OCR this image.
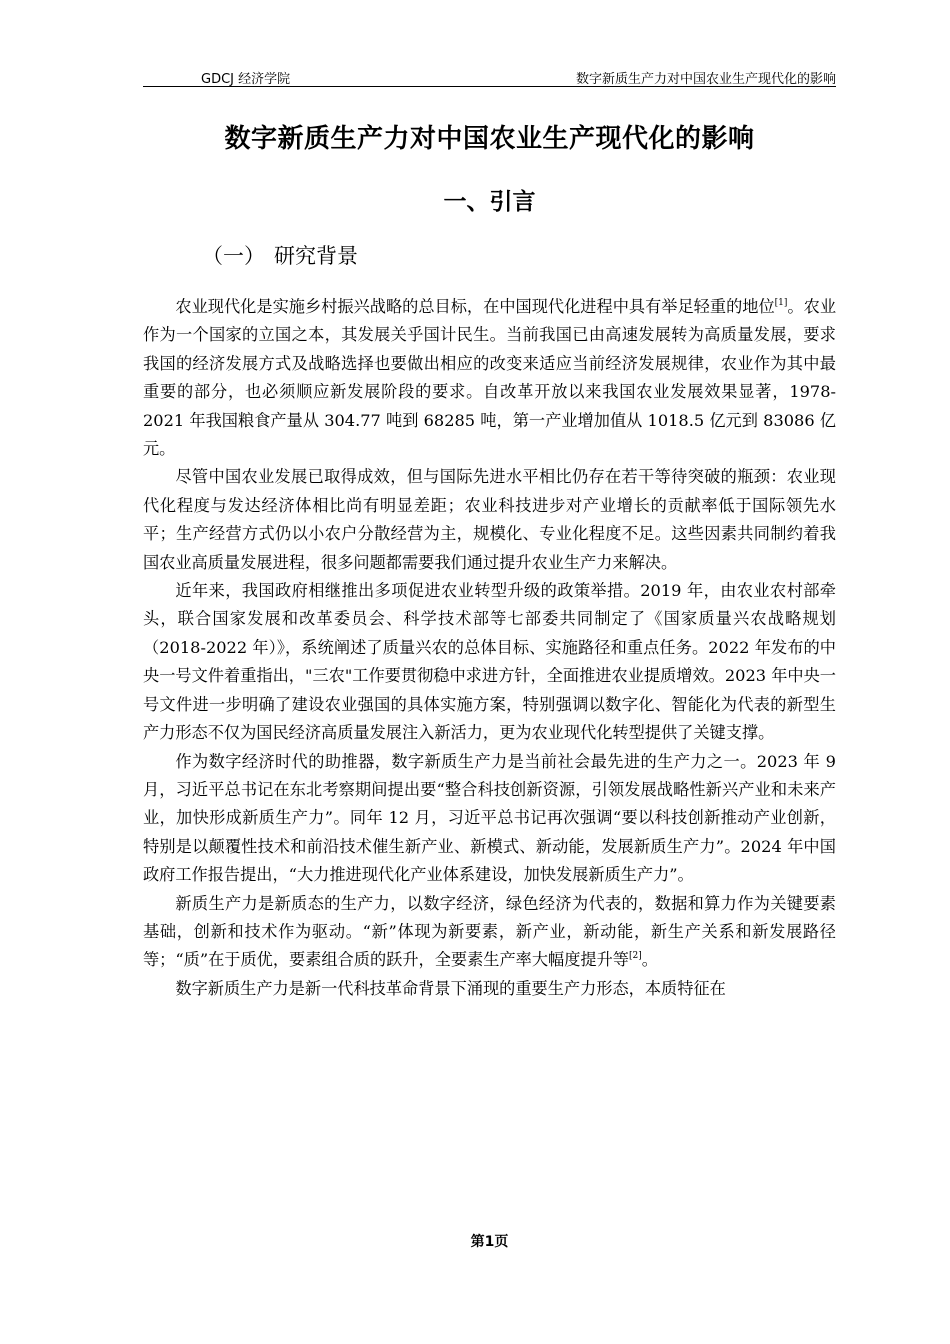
GDCJ 经济学院	数字新质生产力对中国农业生产现代化的影响
数字新质生产力对中国农业生产现代化的影响
一、引言
（一） 研究背景

农业现代化是实施乡村振兴战略的总目标，在中国现代化进程中具有举足轻重的地位[1]。农业作为一个国家的立国之本，其发展关乎国计民生。当前我国已由高速发展转为高质量发展，要求我国的经济发展方式及战略选择也要做出相应的改变来适应当前经济发展规律，农业作为其中最重要的部分，也必须顺应新发展阶段的要求。自改革开放以来我国农业发展效果显著，1978-2021 年我国粮食产量从 304.77 吨到 68285 吨，第一产业增加值从 1018.5 亿元到 83086 亿元。

尽管中国农业发展已取得成效，但与国际先进水平相比仍存在若干等待突破的瓶颈：农业现代化程度与发达经济体相比尚有明显差距；农业科技进步对产业增长的贡献率低于国际领先水平；生产经营方式仍以小农户分散经营为主，规模化、专业化程度不足。这些因素共同制约着我国农业高质量发展进程，很多问题都需要我们通过提升农业生产力来解决。

近年来，我国政府相继推出多项促进农业转型升级的政策举措。2019 年，由农业农村部牵头，联合国家发展和改革委员会、科学技术部等七部委共同制定了《国家质量兴农战略规划（2018-2022 年）》，系统阐述了质量兴农的总体目标、实施路径和重点任务。2022 年发布的中央一号文件着重指出，"三农"工作要贯彻稳中求进方针，全面推进农业提质增效。2023 年中央一号文件进一步明确了建设农业强国的具体实施方案，特别强调以数字化、智能化为代表的新型生产力形态不仅为国民经济高质量发展注入新活力，更为农业现代化转型提供了关键支撑。

作为数字经济时代的助推器，数字新质生产力是当前社会最先进的生产力之一。2023 年 9 月，习近平总书记在东北考察期间提出要“整合科技创新资源，引领发展战略性新兴产业和未来产业，加快形成新质生产力”。同年 12 月，习近平总书记再次强调“要以科技创新推动产业创新，特别是以颠覆性技术和前沿技术催生新产业、新模式、新动能，发展新质生产力”。2024 年中国政府工作报告提出，“大力推进现代化产业体系建设，加快发展新质生产力”。

新质生产力是新质态的生产力，以数字经济，绿色经济为代表的，数据和算力作为关键要素基础，创新和技术作为驱动。“新”体现为新要素，新产业，新动能，新生产关系和新发展路径等；“质”在于质优，要素组合质的跃升，全要素生产率大幅度提升等[2]。

数字新质生产力是新一代科技革命背景下涌现的重要生产力形态，本质特征在

第1页
